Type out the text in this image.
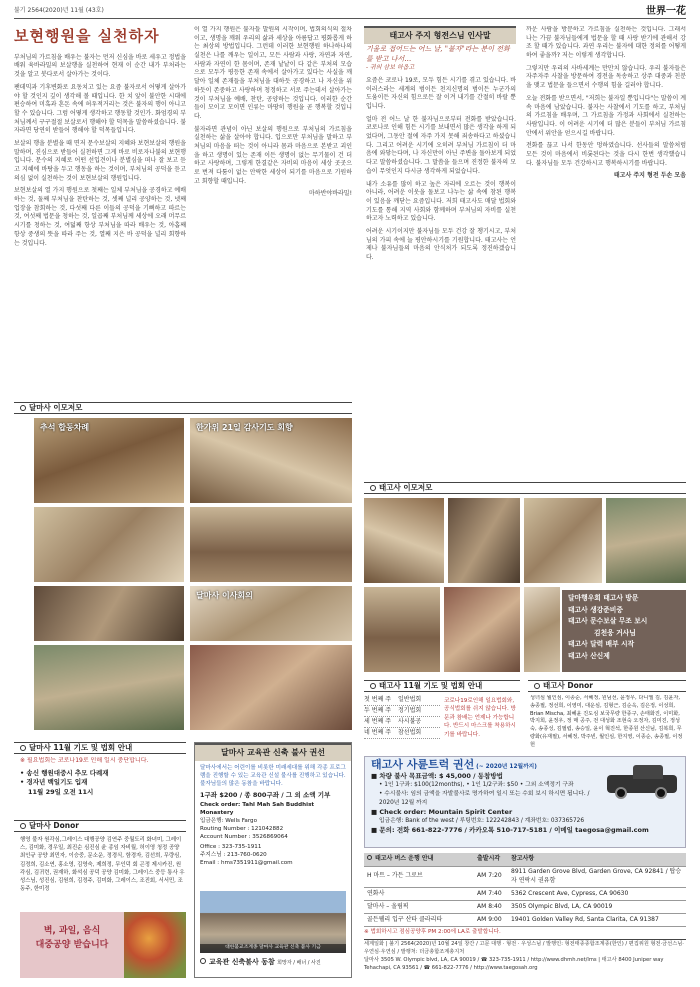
불기 2564(2020)년 11월 (43호)	世界一花
보현행원을 실천하자

부처님의 가르침을 배우는 불자는 먼저 신심을 바로 세우고 정법을 배워 육바라밀의 보살행을 실천하여 현재 이 순간 내가 부처라는 것을 알고 붓다로서 살아가는 것이다.

팬데믹과 기후변화로 요동치고 있는 요즘 불자로서 어떻게 살아가야 할 것인지 깊이 생각해 볼 때입니다. 한 치 앞이 불안한 시대에 편승하여 미혹과 혼돈 속에 허우적거리는 것은 불자의 행이 아니고 할 수 있습니다. 그럼 어떻게 생각하고 행동할 것인가. 화엄경의 부처님께서 구구절절 보살로서 행해야 할 덕목을 말씀하셨습니다. 불자라면 당연히 받들어 행해야 할 덕목들입니다.

보살의 행을 분별을 때 면저 문수보살의 지혜와 보현보살의 행원을 말하며, 진심으로 받들어 실천하면 그게 바로 비로자나불의 보현행입니다. 문수의 지혜로 어떤 선입견이나 분별심을 떠나 잘 보고 듣고 지혜에 바탕을 두고 행동을 하는 것이며, 부처님의 공덕을 듣고 의심 없이 실천하는 것이 보현보살의 행원입니다.

보현보살의 열 가지 행원으로 첫째는 일체 부처님을 공경하고 예배하는 것, 둘째 부처님을 찬탄하는 것, 셋째 널리 공양하는 것, 넷째 업장을 참회하는 것, 다섯째 다른 이들의 공덕을 기뻐하고 따르는 것, 여섯째 법문을 청하는 것, 일곱째 부처님께 세상에 오래 머무르시기를 청하는 것, 여덟째 항상 부처님을 따라 배우는 것, 아홉째 항상 중생의 뜻을 따라 주는 것, 열째 지은 바 공덕을 널리 회향하는 것입니다.

이 열 가지 행원은 불자들 발원의 시작이며, 법회의식의 절차이고, 생명을 깨워 우리의 삶과 세상을 아름답고 평화롭게 하는 최상의 방법입니다. 그런데 이러한 보현행원 하나하나의 실천은 나를 깨우는 일이고, 모든 사람과 사랑, 자연과 자연, 사람과 자연이 한 몸이며, 존재 낱낱이 다 같은 부처의 모습으로 모두가 평등한 존재 속에서 살아가고 있다는 사실을 깨달아 일체 존재들을 부처님을 대하듯 공경하고 나 자신을 위하듯이 존중하고 사랑하며 청정하고 서로 주는데서 살아가는 것이 부처님을 예배, 찬탄, 공양하는 것입니다. 이러한 순간들이 모이고 모이면 인류는 마땅히 행원을 곧 행복할 것입니다.

불자라면 관념이 아닌 보살의 행원으로 부처님의 가르침을 실천하는 삶을 살아야 합니다. 입으로만 부처님을 말하고 부처님의 마음을 떠는 것이 아니라 몸과 마음으로 본받고 괴인을 하고 생명이 있는 존재 이든 생명이 없는 무기물이 건 더하고 사랑하며, 그렇게 한결같은 자비의 마음이 세상 곳곳으로 번져 다툼이 없는 안락한 세상이 되기를 마음으로 기원하고 회향할 때입니다.

마하반야바라밀!

달마사 이모저모
추석 합동차례	한가위 21일 감사기도 회향
달마사 이사회의
달마사 11월 기도 및 법회 안내
※ 필요법회는 코로나19로 인해 일시 중단합니다.
• 송신 행원대중시 추모 다례재
• 경자년 백일기도 입재
11월 29일 오전 11시
달마사 Donor
행영 불자 원각심,그레이스 대행공양 김연주 중월도리 화녀미, 그레이스, 김미화, 경우일, 최진순 심진심 윤 종임 자비월, 허이영 청정 공양 최인규 공양 최민자, 이승중, 문소운, 정경식, 함경자, 김선희, 무량심, 김정희, 김소연, 홍소영, 김영숙, 제희정, 무인덕 회 곤정 제시카진, 원각심, 김귀련, 권재하, 화석심 공덕 공양 김미화, 그레이스 중등 통사 우성스님, 성진심, 김원희, 김정주, 김미화, 그레이스, 조진회, 서서민, 조동주, 한미정
벽, 과일, 음식
대중공양 받습니다
달마사 교육관 신축 불사 권선
달마사에서는 어린이를 비롯한 미래세대를 위해 각종 프로그램을 진행할 수 있는 교육관 신설 불사를 진행하고 있습니다. 불자님들의 많은 동참을 바랍니다.
1구좌 $200 / 종 800구좌 / 그 외 소액 기부
Check order: Tahl Mah Sah Buddhist Monastery
입금은행: Wells Fargo
Routing Number : 121042882
Account Number : 3526869064
Office : 323-735-1911
주지스님 : 213-760-0620
Email : hms7351911@gmail.com
대한불교조계종 달마사 교육관 신축 불사 기금
교육관 신축불사 동참 희망자 / 배너 / 사진
태고사 주지 형전스님 인사말
기울로 접어드는 어느 날, "불자"라는 분이 전화를 받고 나서…
- 귀의 삼보 하옵고

요즘은 코로나 19로, 모두 힘든 시기를 겪고 있습니다. 바이러스라는 세계의 범이든 천지신명의 범이든 누군가의 도움이든 자신의 힘으로든 잘 이겨 내기를 간절히 바랄 뿐입니다.

얼마 전 어느 날 한 불자님으로부터 전화를 받았습니다. 코로나로 인해 힘든 시기를 보내면서 많은 생각을 하게 되었다며, 그동안 절에 자주 가지 못해 죄송하다고 하셨습니다. 그리고 어려운 시기에 오히려 부처님 가르침이 더 마음에 와닿는다며, 나 자신만이 아닌 주변을 돌아보게 되었다고 말씀하셨습니다. 그 말씀을 들으며 진정한 불자의 모습이 무엇인지 다시금 생각하게 되었습니다.

내가 소유를 많이 하고 높은 자리에 오르는 것이 행복이 아니라, 어려운 이웃을 돌보고 나누는 삶 속에 참된 행복이 있음을 깨닫는 요즘입니다. 저희 태고사도 매달 법회와 기도를 통해 지역 사회와 함께하며 부처님의 자비를 실천하고자 노력하고 있습니다.

어려운 시기이지만 불자님들 모두 건강 잘 챙기시고, 부처님의 가피 속에 늘 평안하시기를 기원합니다. 태고사는 언제나 불자님들의 마음의 안식처가 되도록 정진하겠습니다.

까운 사람을 방문하고 가르침을 실천하는 것입니다. 그래서 나는 가끔 불자님들에게 법문을 할 때 사랑 받기에 관해서 강조 할 때가 있습니다. 과연 우리는 불자에 대한 정의를 어떻게 하여 좋을까? 저는 이렇게 생각합니다.

그렇지만 우리의 사바세계는 만만치 않습니다. 우리 불자들은 자주자주 사찰을 방문하여 경전을 독송하고 상주 대중과 친분을 맺고 법문을 들으면서 수행의 힘을 길러야 합니다.

오늘 전화를 받으면서, "저희는 불자일 뿐입니다"는 말씀이 계속 마음에 남았습니다. 불자는 사찰에서 기도를 하고, 부처님의 가르침을 배우며, 그 가르침을 가정과 사회에서 실천하는 사람입니다. 이 어려운 시기에 더 많은 분들이 부처님 가르침 안에서 위안을 얻으시길 바랍니다.

전화를 끊고 나서 한동안 멍하였습니다. 선사들의 말씀처럼 모든 것이 마음에서 비롯된다는 것을 다시 한번 생각했습니다. 불자님들 모두 건강하시고 행복하시기를 바랍니다.

태고사 주지 형전 두손 모음

태고사 이모저모
달마행우회 태고사 방문
태고사 생강준비중
태고사 문수보살 무조 보시
김천웅 거사님
태고사 달력 배부 시작
태고사 산신제
태고사 11월 기도 및 법회 안내
첫 번째 주	일반법회
두 번째 주	정기법회
세 번째 주	사시불공
네 번째 주	참선법회
코로나19로인해 일요법회와, 공식법회를 쉬지 않습니다. 방문과 참배는 언제나 가능합니다. 반드시 마스크를 착용하시기를 바랍니다.
태고사 Donor
성녀심 월인심, 이종순, 서혜정, 원님선, 윤정우, 다니엘 김, 김윤자, 송종필, 정선희, 이영미, 대운심, 김형근, 김순옥, 김은정, 이성희, Brian Mischa, 최혜윤 진도심 보국무량 한종구, 손태화진, 이미화, 박지희, 윤정우, 정 매 공주, 전 대성화 조현숙 오정자, 김미진, 정성숙, 송종성, 김필립, 송승일, 윤이 혁진석, 한종원 산신님, 김복희, 무량화(유재필), 서혜정, 박주빈, 월인심, 한지영, 이종순, 송종필, 이정헌
태고사 사륜트럭 권선 (~ 2020년 12월까지)
■ 차량 불사 목표금액: $ 45,000 / 동참방법
• 1인 1구좌: $100(12months), • 1인 1/2구좌: $50 • 그외 소액정기 구좌
• 수시불사: 임의 금액을 자발불사로 명가하여 일시 또는 수회 보시 하시면 됩니다. / 2020년 12월 까지
■ Check order: Mountain Spirit Center
입금은행: Bank of the west / 루팅번호: 122242843 / 계좌번호: 037365726
■ 문의: 전화 661-822-7776 / 카카오톡 510-717-5181 / 이메일 taegosa@gmail.com
태고사 버스 운행 안내	출발시각	참고사항
H 마트 – 가든 그로브	AM 7:20	8911 Garden Grove Blvd, Garden Grove, CA 92841 / 탑승자 연락시 권유함
연화사	AM 7:40	5362 Crescent Ave, Cypress, CA 90630
달마사 – 올림픽	AM 8:40	3505 Olympic Blvd, LA, CA 90019
골든웰리 입구 산타 클라리타	AM 9:00	19401 Golden Valley Rd, Santa Clarita, CA 91387
※ 법회하시고 점심공양후 PM 2:00에 LA로 출발합니다.
세계일화 | 불기 2564(2020)년 10월 24일 창간 / 고문 대행 · 형전 · 우성스님 / 발행인: 형전태종종합조계종(한인) / 편집위원 형전·금선스님·우연심·우연심 / 발행처: 더금총합조계총지처
달마사 3505 W. Olympic blvd, LA, CA 90019 / ☎ 323-735-1911 / http://www.dhmh.net/lms | 태고사 8400 Juniper way Tehachapi, CA 93561 / ☎ 661-822-7776 / http://www.taegosah.org
